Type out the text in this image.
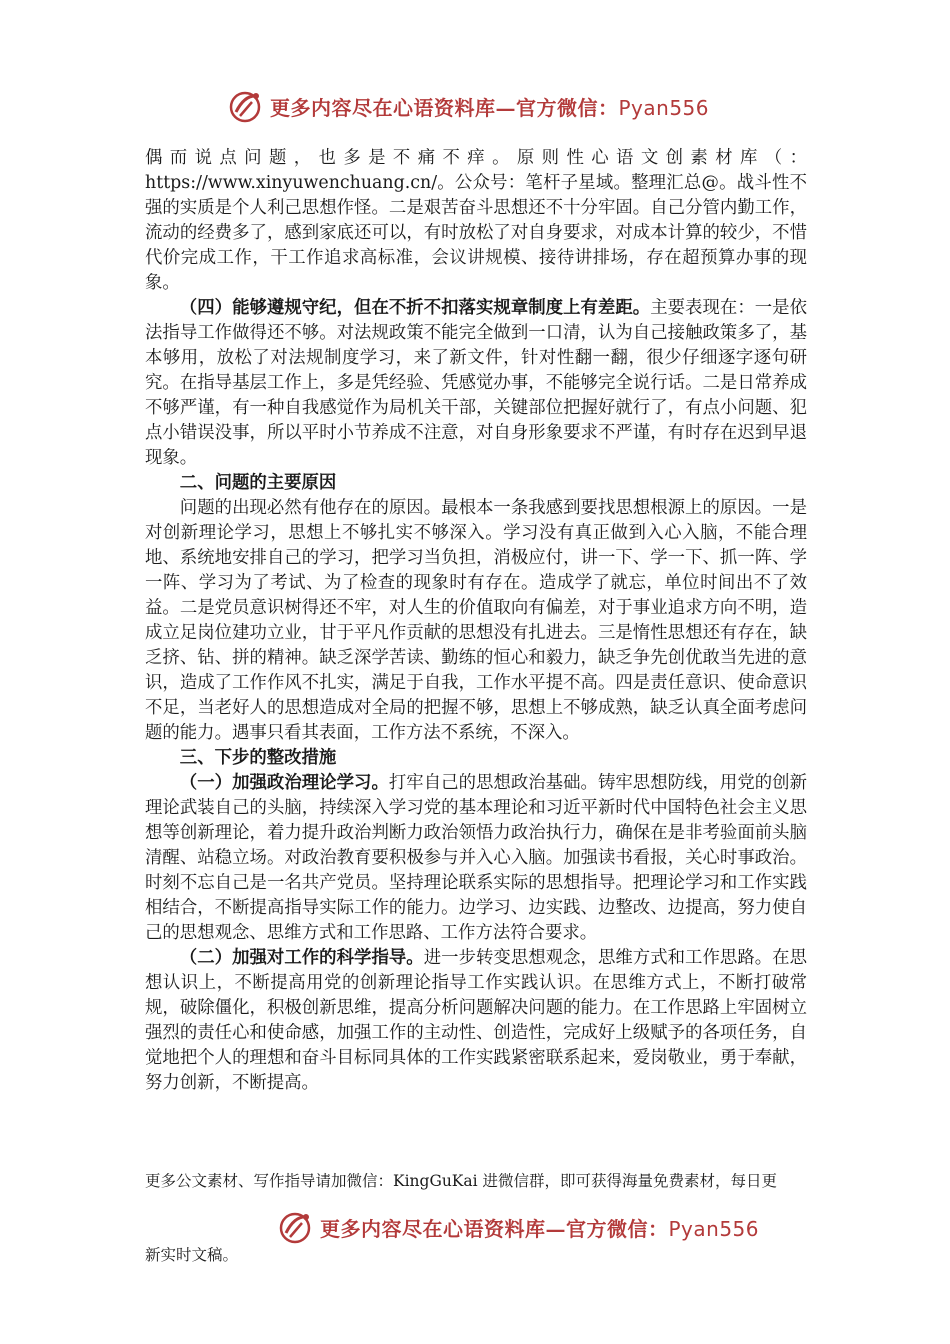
更多内容尽在心语资料库—官方微信：Pyan556

偶而说点问题，也多是不痛不痒。原则性心语文创素材库（：https://www.xinyuwenchuang.cn/。公众号：笔杆子星域。整理汇总@。战斗性不强的实质是个人利己思想作怪。二是艰苦奋斗思想还不十分牢固。自己分管内勤工作，流动的经费多了，感到家底还可以，有时放松了对自身要求，对成本计算的较少，不惜代价完成工作，干工作追求高标准，会议讲规模、接待讲排场，存在超预算办事的现象。

（四）能够遵规守纪，但在不折不扣落实规章制度上有差距。主要表现在：一是依法指导工作做得还不够。对法规政策不能完全做到一口清，认为自己接触政策多了，基本够用，放松了对法规制度学习，来了新文件，针对性翻一翻，很少仔细逐字逐句研究。在指导基层工作上，多是凭经验、凭感觉办事，不能够完全说行话。二是日常养成不够严谨，有一种自我感觉作为局机关干部，关键部位把握好就行了，有点小问题、犯点小错误没事，所以平时小节养成不注意，对自身形象要求不严谨，有时存在迟到早退现象。

二、问题的主要原因

问题的出现必然有他存在的原因。最根本一条我感到要找思想根源上的原因。一是对创新理论学习，思想上不够扎实不够深入。学习没有真正做到入心入脑，不能合理地、系统地安排自己的学习，把学习当负担，消极应付，讲一下、学一下、抓一阵、学一阵、学习为了考试、为了检查的现象时有存在。造成学了就忘，单位时间出不了效益。二是党员意识树得还不牢，对人生的价值取向有偏差，对于事业追求方向不明，造成立足岗位建功立业，甘于平凡作贡献的思想没有扎进去。三是惰性思想还有存在，缺乏挤、钻、拼的精神。缺乏深学苦读、勤练的恒心和毅力，缺乏争先创优敢当先进的意识，造成了工作作风不扎实，满足于自我，工作水平提不高。四是责任意识、使命意识不足，当老好人的思想造成对全局的把握不够，思想上不够成熟，缺乏认真全面考虑问题的能力。遇事只看其表面，工作方法不系统，不深入。

三、下步的整改措施

（一）加强政治理论学习。打牢自己的思想政治基础。铸牢思想防线，用党的创新理论武装自己的头脑，持续深入学习党的基本理论和习近平新时代中国特色社会主义思想等创新理论，着力提升政治判断力政治领悟力政治执行力，确保在是非考验面前头脑清醒、站稳立场。对政治教育要积极参与并入心入脑。加强读书看报，关心时事政治。时刻不忘自己是一名共产党员。坚持理论联系实际的思想指导。把理论学习和工作实践相结合，不断提高指导实际工作的能力。边学习、边实践、边整改、边提高，努力使自己的思想观念、思维方式和工作思路、工作方法符合要求。

（二）加强对工作的科学指导。进一步转变思想观念，思维方式和工作思路。在思想认识上，不断提高用党的创新理论指导工作实践认识。在思维方式上，不断打破常规，破除僵化，积极创新思维，提高分析问题解决问题的能力。在工作思路上牢固树立强烈的责任心和使命感，加强工作的主动性、创造性，完成好上级赋予的各项任务，自觉地把个人的理想和奋斗目标同具体的工作实践紧密联系起来，爱岗敬业，勇于奉献，努力创新，不断提高。

更多公文素材、写作指导请加微信：KingGuKai 进微信群，即可获得海量免费素材，每日更
更多内容尽在心语资料库—官方微信：Pyan556
新实时文稿。
